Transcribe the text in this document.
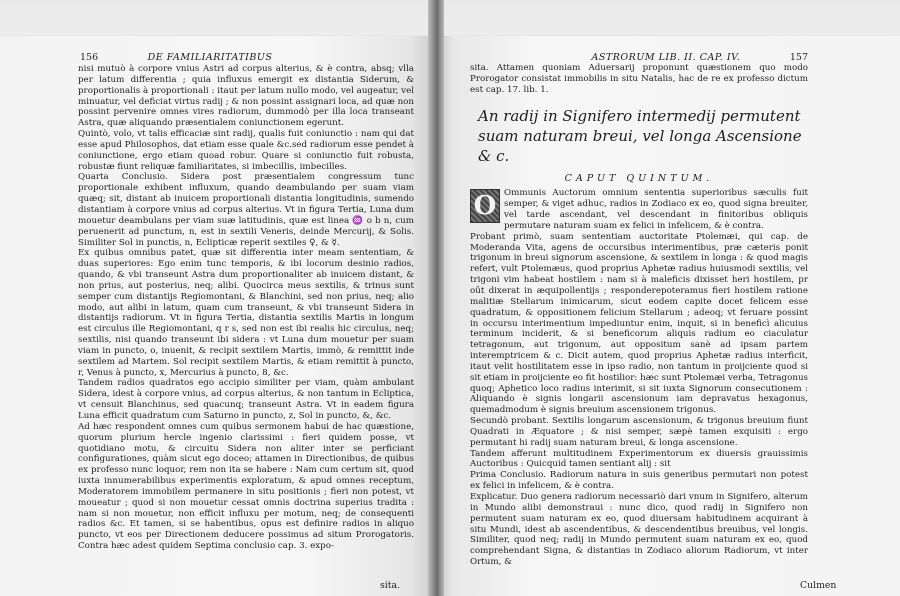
156	DE FAMILIARITATIBUS	ASTRORUM LIB. II. CAP. IV.	157

nisi mutuò à corpore vnius Astri ad corpus alterius, & è contra, absq; vlla per latum differentia ; quia influxus emergit ex distantia Siderum, & proportionalis à proportionali : itaut per latum nullo modo, vel augeatur, vel minuatur, vel deficiat virtus radij ; & non possint assignari loca, ad quæ non possint pervenire omnes vires radiorum, dummodò per illa loca transeant Astra, quæ aliquando præsentialem coniunctionem egerunt.

Quintò, volo, vt talis efficaciæ sint radij, qualis fuit coniunctio : nam qui dat esse apud Philosophos, dat etiam esse quale &c.sed radiorum esse pendet à coniunctione, ergo etiam quoad robur. Quare si coniunctio fuit robusta, robustæ fiunt reliquæ familiaritates, si imbecillis, imbecilles.

Quarta Conclusio. Sidera post præsentialem congressum tunc proportionale exhibent influxum, quando deambulando per suam viam quæq; sit, distant ab inuicem proportionali distantia longitudinis, sumendo distantiam à corpore vnius ad corpus alterius. Vt in figura Tertia, Luna dum mouetur deambulans per viam suæ latitudinis, quæ est linea ♒ o b n, cum peruenerit ad punctum, n, est in sextili Veneris, deinde Mercurij, & Solis. Similiter Sol in punctis, n, Eclipticæ reperit sextiles ♀, & ☿.

Ex quibus omnibus patet, quæ sit differentia inter meam sententiam, & duas superiores: Ego enim tunc temporis, & ibi locorum desinio radios, quando, & vbi transeunt Astra dum proportionaliter ab inuicem distant, & non prius, aut posterius, neq; alibi. Quocirca meus sextilis, & trinus sunt semper cum distantijs Regiomontani, & Blanchini, sed non prius, neq; alio modo, aut alibi in latum, quam cum transeunt, & vbi transeunt Sidera in distantijs radiorum. Vt in figura Tertia, distantia sextilis Martis in longum est circulus ille Regiomontani, q r s, sed non est ibi realis hic circulus, neq; sextilis, nisi quando transeunt ibi sidera : vt Luna dum mouetur per suam viam in puncto, o, inuenit, & recipit sextilem Martis, immò, & remittit inde sextilem ad Martem. Sol recipit sextilem Martis, & etiam remittit à puncto, r, Venus à puncto, x, Mercurius à puncto, 8, &c.

Tandem radios quadratos ego accipio similiter per viam, quàm ambulant Sidera, idest à corpore vnius, ad corpus alterius, & non tantum in Ecliptica, vt censuit Blanchinus, sed quacunq; transeunt Astra. Vt in eadem figura Luna efficit quadratum cum Saturno in puncto, z, Sol in puncto, &, &c.

Ad hæc respondent omnes cum quibus sermonem habui de hac quæstione, quorum plurium hercle ingenio clarissimi : fieri quidem posse, vt quotidiano motu, & circuitu Sidera non aliter inter se perficiant configurationes, quàm sicut ego doceo; attamen in Directionibus, de quibus ex professo nunc loquor, rem non ita se habere : Nam cum certum sit, quod iuxta innumerabilibus experimentis exploratum, & apud omnes receptum, Moderatorem immobilem permanere in situ positionis ; fieri non potest, vt moueatur ; quod si non mouetur cessat omnis doctrina superius tradita : nam si non mouetur, non efficit influxu per motum, neq; de consequenti radios &c. Et tamen, si se habentibus, opus est definire radios in aliquo puncto, vt eos per Directionem deducere possimus ad situm Prorogatoris. Contra hæc adest quidem Septima conclusio cap. 3. expo-

sita.

sita. Attamen quoniam Aduersarij proponunt quæstionem quo modo Prorogator consistat immobilis in situ Natalis, hac de re ex professo dictum est cap. 17. lib. 1.

An radij in Signifero intermedij permutent suam naturam breui, vel longa Ascensione & c.
CAPUT QUINTUM.
O Ommunis Auctorum omnium sententia superioribus sæculis fuit semper, & viget adhuc, radios in Zodiaco ex eo, quod signa breuiter, vel tarde ascendant, vel descendant in finitoribus obliquis permutare naturam suam ex felici in infelicem, & è contra.

Probant primò, suam sententiam auctoritate Ptolemæi, qui cap. de Moderanda Vita, agens de occursibus interimentibus, præ cæteris ponit trigonum in breui signorum ascensione, & sextilem in longa : & quod magis refert, vult Ptolemæus, quod proprius Aphetæ radius huiusmodi sextilis, vel trigoni vim habeat hostilem : nam si à maleficis dixisset heri hostilem, pr oût dixerat in æquipollentijs ; responderepoteramus fieri hostilem ratione malitiæ Stellarum inimicarum, sicut eodem capite docet felicem esse quadratum, & oppositionem felicium Stellarum ; adeoq; vt feruare possint in occursu interimentium impediuntur enim, inquit, si in beneficì alicuius terminum inciderit, & si beneficorum aliquis radium eo ciaculatur tetragonum, aut trigonum, aut oppositum sanè ad ipsam partem interemptricem & c. Dicit autem, quod proprius Aphetæ radius interficit, itaut velit hostilitatem esse in ipso radio, non tantum in proijciente quod si sit etiam in proijciente eo fit hostilior: hæc sunt Ptolemæi verba, Tetragonus quoq; Aphetico loco radius interimit, si sit iuxta Signorum consecutionem : Aliquando è signis longarii ascensionum iam depravatus hexagonus, quemadmodum è signis breuium ascensionem trigonus.

Secundò probant. Sextilis longarum ascensionum, & trigonus breuium fiunt Quadrati in Æquatore ; & nisi semper, sæpè tamen exquisiti : ergo permutant hi radij suam naturam breui, & longa ascensione.

Tandem afferunt multitudinem Experimentorum ex diuersis grauissimis Auctoribus : Quicquid tamen sentiant alij : sit

Prima Conclusio. Radiorum natura in suis generibus permutari non potest ex felici in infelicem, & è contra.

Explicatur. Duo genera radiorum necessariò dari vnum in Signifero, alterum in Mundo alibi demonstraui : nunc dico, quod radij in Signifero non permutent suam naturam ex eo, quod diuersam habitudinem acquirant à situ Mundi, idest ab ascendentibus, & descendentibus breuibus, vel longis. Similiter, quod neq; radij in Mundo permutent suam naturam ex eo, quod comprehendant Signa, & distantias in Zodiaco aliorum Radiorum, vt inter Ortum, &

Culmen
